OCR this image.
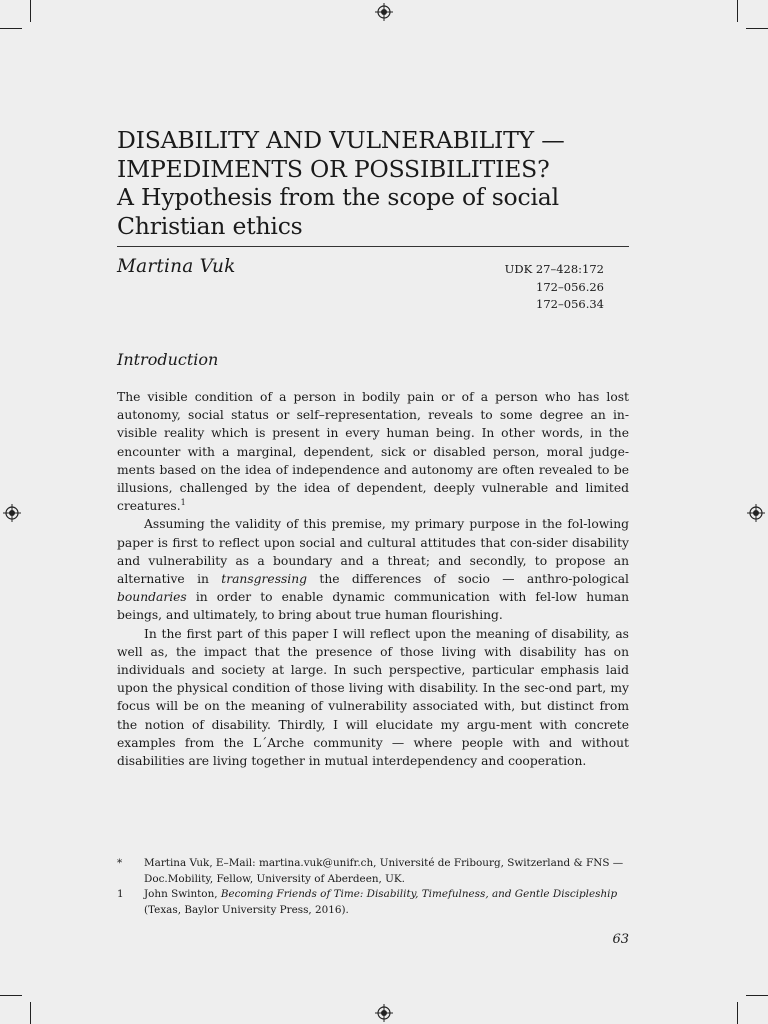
DISABILITY AND VULNERABILITY —
IMPEDIMENTS OR POSSIBILITIES?
A Hypothesis from the scope of social
Christian ethics
Martina Vuk	UDK 27–428:172
172–056.26
172–056.34
Introduction

The visible condition of a person in bodily pain or of a person who has lost autonomy, social status or self–representation, reveals to some degree an in-visible reality which is present in every human being. In other words, in the encounter with a marginal, dependent, sick or disabled person, moral judge-ments based on the idea of independence and autonomy are often revealed to be illusions, challenged by the idea of dependent, deeply vulnerable and limited creatures.$^1$

Assuming the validity of this premise, my primary purpose in the fol-lowing paper is first to reflect upon social and cultural attitudes that con-sider disability and vulnerability as a boundary and a threat; and secondly, to propose an alternative in transgressing the differences of socio — anthro-pological boundaries in order to enable dynamic communication with fel-low human beings, and ultimately, to bring about true human flourishing.

In the first part of this paper I will reflect upon the meaning of disability, as well as, the impact that the presence of those living with disability has on individuals and society at large. In such perspective, particular emphasis laid upon the physical condition of those living with disability. In the sec-ond part, my focus will be on the meaning of vulnerability associated with, but distinct from the notion of disability. Thirdly, I will elucidate my argu-ment with concrete examples from the L´Arche community — where people with and without disabilities are living together in mutual interdependency and cooperation.

*	Martina Vuk, E–Mail: martina.vuk@unifr.ch, Université de Fribourg, Switzerland & FNS — Doc.Mobility, Fellow, University of Aberdeen, UK.
1	John Swinton, Becoming Friends of Time: Disability, Timefulness, and Gentle Discipleship (Texas, Baylor University Press, 2016).
63
